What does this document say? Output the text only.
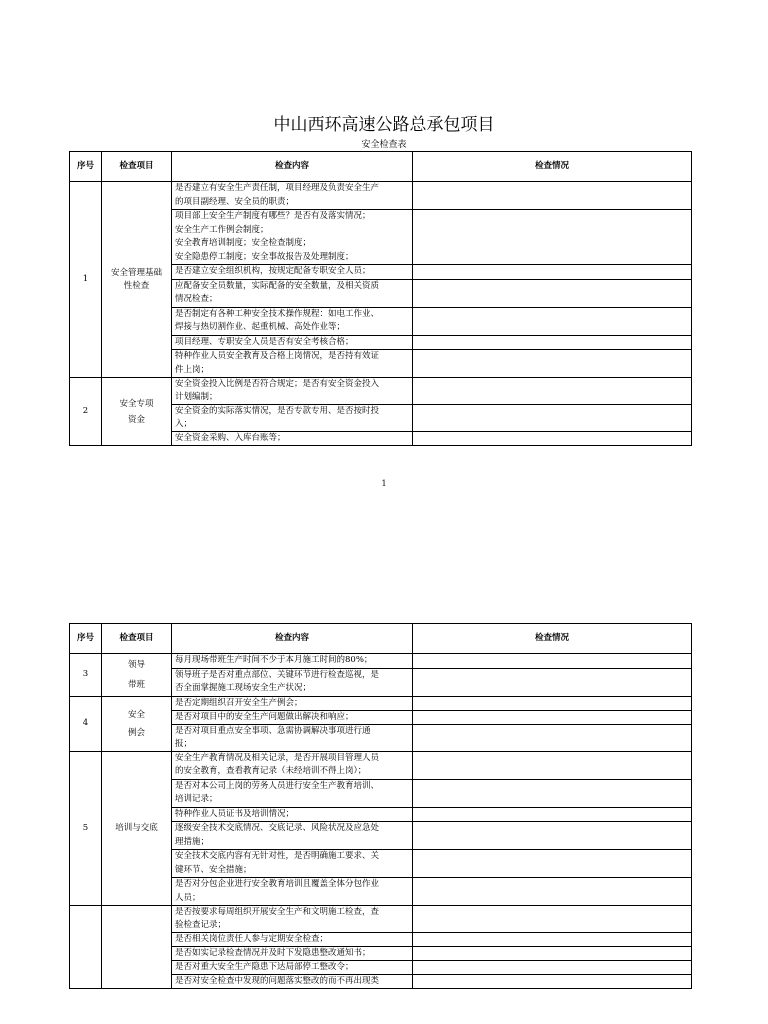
中山西环高速公路总承包项目
安全检查表
序号	检查项目	检查内容	检查情况
1	安全管理基础
性检查	是否建立有安全生产责任制，项目经理及负责安全生产
的项目副经理、安全员的职责；	

		项目部上安全生产制度有哪些？是否有及落实情况；
安全生产工作例会制度；
安全教育培训制度；安全检查制度；
安全隐患停工制度；安全事故报告及处理制度；	

		是否建立安全组织机构，按规定配备专职安全人员；	

		应配备安全员数量，实际配备的安全数量，及相关资质
情况检查；	

		是否制定有各种工种安全技术操作规程：如电工作业、
焊接与热切割作业、起重机械、高处作业等；	

		项目经理、专职安全人员是否有安全考核合格；	

		特种作业人员安全教育及合格上岗情况，是否持有效证
件上岗；	

2	安全专项
资金	安全资金投入比例是否符合规定；是否有安全资金投入
计划编制；	

		安全资金的实际落实情况，是否专款专用、是否按时投
入；	

		安全资金采购、入库台账等；	

1
序号	检查项目	检查内容	检查情况
3	领导
带班	每月现场带班生产时间不少于本月施工时间的80%；	

		领导班子是否对重点部位、关键环节进行检查巡视，是
否全面掌握施工现场安全生产状况；	

4	安全
例会	是否定期组织召开安全生产例会；	

		是否对项目中的安全生产问题做出解决和响应；	

		是否对项目重点安全事项、急需协调解决事项进行通
报；	

5	培训与交底	安全生产教育情况及相关记录，是否开展项目管理人员
的安全教育，查看教育记录（未经培训不得上岗）；	

		是否对本公司上岗的劳务人员进行安全生产教育培训、
培训记录；	

		特种作业人员证书及培训情况；	

		逐级安全技术交底情况、交底记录、风险状况及应急处
理措施；	

		安全技术交底内容有无针对性，是否明确施工要求、关
键环节、安全措施；	

		是否对分包企业进行安全教育培训且覆盖全体分包作业
人员；	

		是否按要求每周组织开展安全生产和文明施工检查，查
验检查记录；	

		是否相关岗位责任人参与定期安全检查；	

		是否如实记录检查情况并及时下发隐患整改通知书；	

		是否对重大安全生产隐患下达局部停工整改令；	

		是否对安全检查中发现的问题落实整改的而不再出现类	
